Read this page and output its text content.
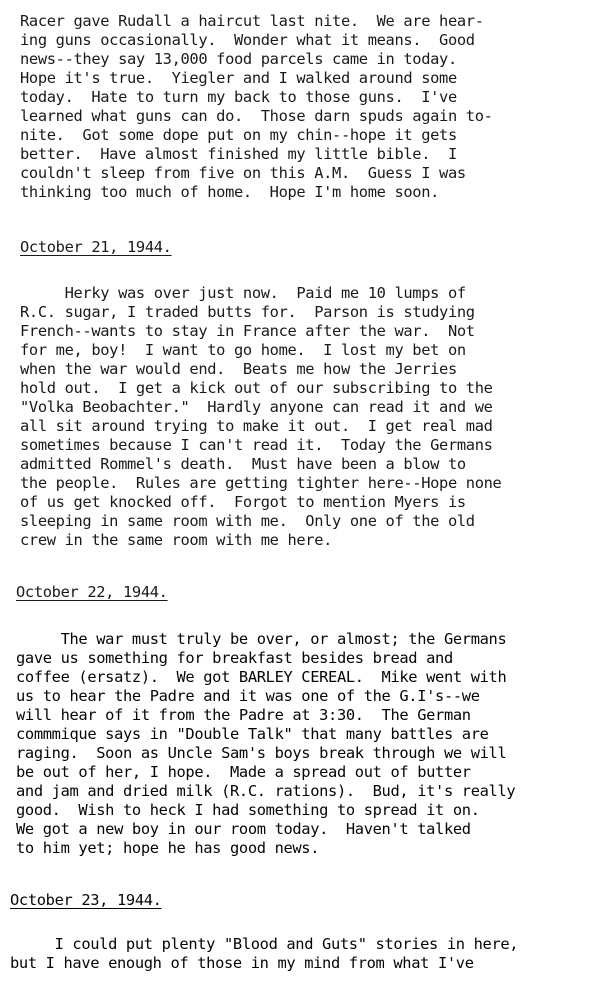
Racer gave Rudall a haircut last nite.  We are hear-
ing guns occasionally.  Wonder what it means.  Good
news--they say 13,000 food parcels came in today.
Hope it's true.  Yiegler and I walked around some
today.  Hate to turn my back to those guns.  I've
learned what guns can do.  Those darn spuds again to-
nite.  Got some dope put on my chin--hope it gets
better.  Have almost finished my little bible.  I
couldn't sleep from five on this A.M.  Guess I was
thinking too much of home.  Hope I'm home soon.
October 21, 1944.
Herky was over just now.  Paid me 10 lumps of
R.C. sugar, I traded butts for.  Parson is studying
French--wants to stay in France after the war.  Not
for me, boy!  I want to go home.  I lost my bet on
when the war would end.  Beats me how the Jerries
hold out.  I get a kick out of our subscribing to the
"Volka Beobachter."  Hardly anyone can read it and we
all sit around trying to make it out.  I get real mad
sometimes because I can't read it.  Today the Germans
admitted Rommel's death.  Must have been a blow to
the people.  Rules are getting tighter here--Hope none
of us get knocked off.  Forgot to mention Myers is
sleeping in same room with me.  Only one of the old
crew in the same room with me here.
October 22, 1944.
The war must truly be over, or almost; the Germans
gave us something for breakfast besides bread and
coffee (ersatz).  We got BARLEY CEREAL.  Mike went with
us to hear the Padre and it was one of the G.I's--we
will hear of it from the Padre at 3:30.  The German
commmique says in "Double Talk" that many battles are
raging.  Soon as Uncle Sam's boys break through we will
be out of her, I hope.  Made a spread out of butter
and jam and dried milk (R.C. rations).  Bud, it's really
good.  Wish to heck I had something to spread it on.
We got a new boy in our room today.  Haven't talked
to him yet; hope he has good news.
October 23, 1944.
I could put plenty "Blood and Guts" stories in here,
but I have enough of those in my mind from what I've
